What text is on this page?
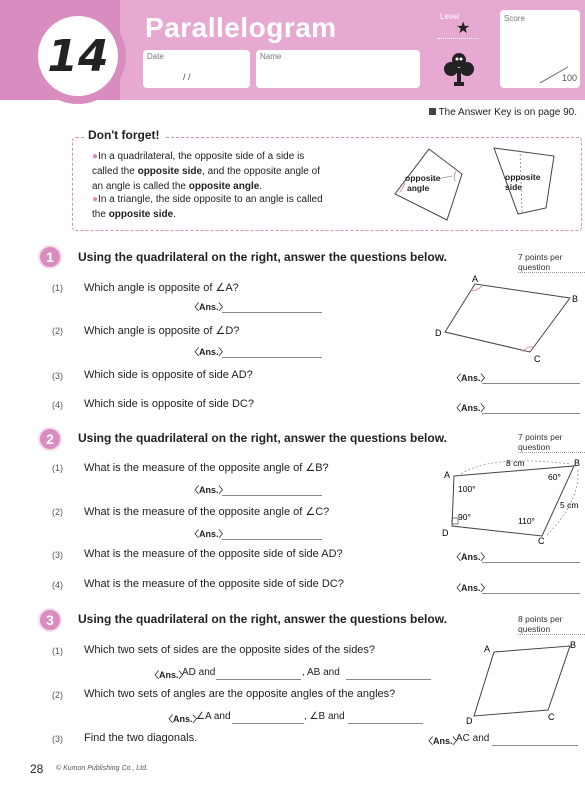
14
Parallelogram
Date
/ /
Name
Level
★
Score
100
The Answer Key is on page 90.
Don't forget!
●In a quadrilateral, the opposite side of a side is
called the opposite side, and the opposite angle of
an angle is called the opposite angle.
●In a triangle, the side opposite to an angle is called
the opposite side.
opposite
angle
opposite
side
1	Using the quadrilateral on the right, answer the questions below.	7 points per question
(1) Which angle is opposite of ∠A?
〈Ans.〉
(2) Which angle is opposite of ∠D?
〈Ans.〉
(3) Which side is opposite of side AD?	〈Ans.〉
(4) Which side is opposite of side DC?	〈Ans.〉
A
B
C
D
2	Using the quadrilateral on the right, answer the questions below.	7 points per question
(1) What is the measure of the opposite angle of ∠B?
〈Ans.〉
(2) What is the measure of the opposite angle of ∠C?
〈Ans.〉
(3) What is the measure of the opposite side of side AD?	〈Ans.〉
(4) What is the measure of the opposite side of side DC?	〈Ans.〉
A
B
C
D
8 cm
5 cm
100°
60°
110°
90°
3	Using the quadrilateral on the right, answer the questions below.	8 points per question
(1) Which two sets of sides are the opposite sides of the sides?
〈Ans.〉
AD and	, AB and
(2) Which two sets of angles are the opposite angles of the angles?
〈Ans.〉
∠A and	, ∠B and
(3) Find the two diagonals.	〈Ans.〉
AC and
A	B
C
D
28 © Kumon Publishing Co., Ltd.
